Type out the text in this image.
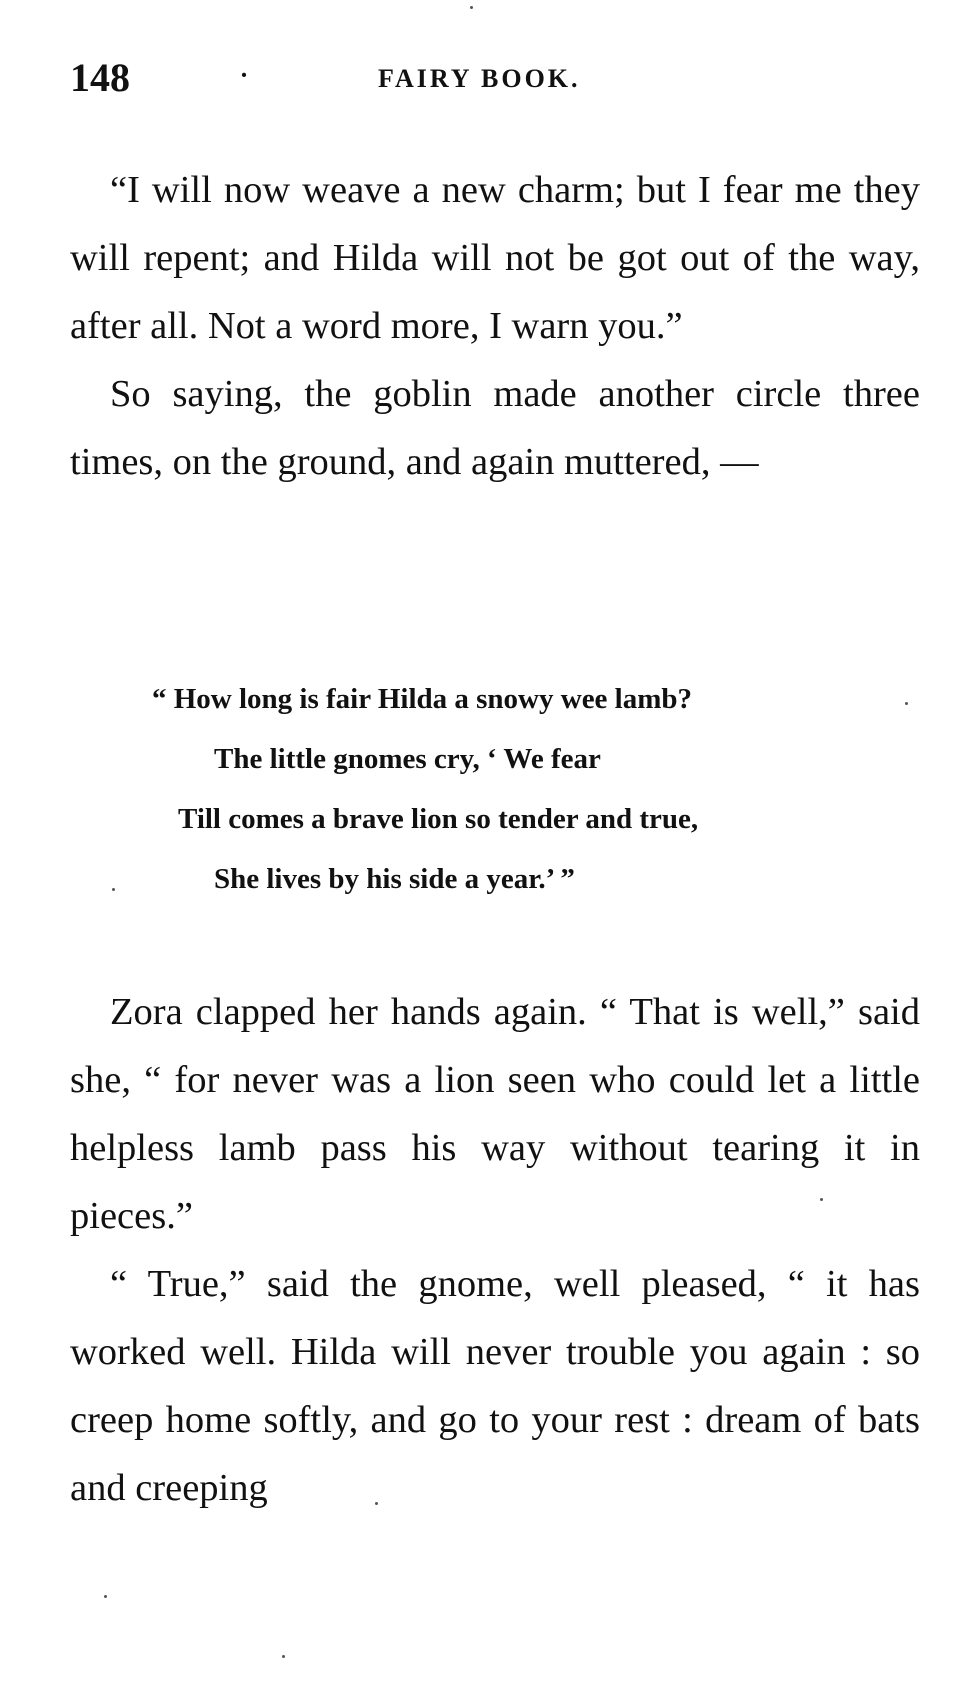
148	·	FAIRY BOOK.

“I will now weave a new charm; but I fear me they will repent; and Hilda will not be got out of the way, after all. Not a word more, I warn you.”

So saying, the goblin made another circle three times, on the ground, and again muttered, —

“ How long is fair Hilda a snowy wee lamb?
The little gnomes cry, ‘ We fear
Till comes a brave lion so tender and true,
She lives by his side a year.’ ”

Zora clapped her hands again. “ That is well,” said she, “ for never was a lion seen who could let a little helpless lamb pass his way without tearing it in pieces.”

“ True,” said the gnome, well pleased, “ it has worked well. Hilda will never trouble you again : so creep home softly, and go to your rest : dream of bats and creeping
